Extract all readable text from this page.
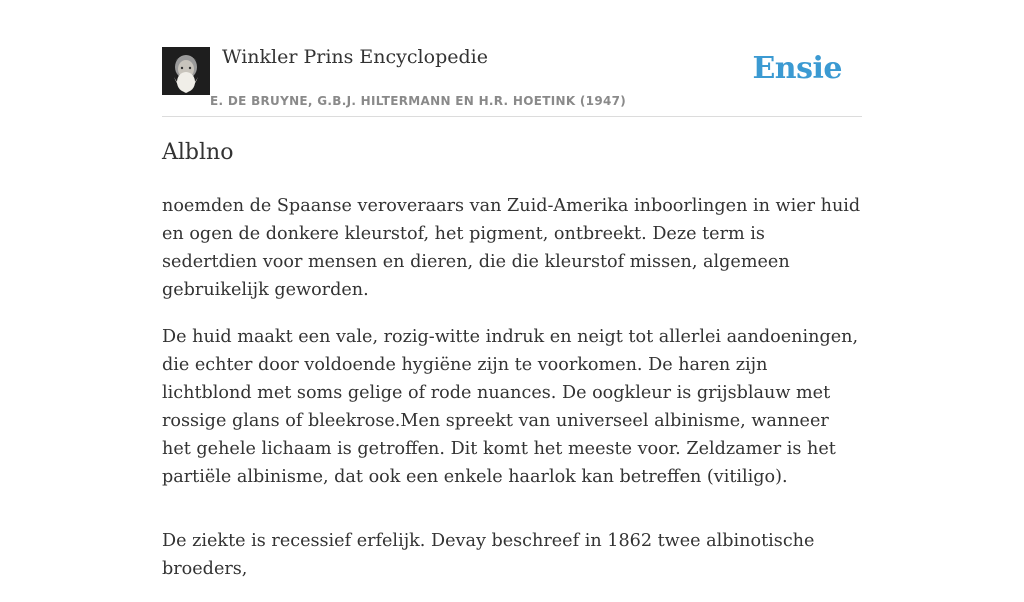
Winkler Prins Encyclopedie
E. DE BRUYNE, G.B.J. HILTERMANN EN H.R. HOETINK (1947)
Ensie
Alblno

noemden de Spaanse veroveraars van Zuid-Amerika inboorlingen in wier huid en ogen de donkere kleurstof, het pigment, ontbreekt. Deze term is sedertdien voor mensen en dieren, die die kleurstof missen, algemeen gebruikelijk geworden.

De huid maakt een vale, rozig-witte indruk en neigt tot allerlei aandoeningen, die echter door voldoende hygiëne zijn te voorkomen. De haren zijn lichtblond met soms gelige of rode nuances. De oogkleur is grijsblauw met rossige glans of bleekrose.Men spreekt van universeel albinisme, wanneer het gehele lichaam is getroffen. Dit komt het meeste voor. Zeldzamer is het partiële albinisme, dat ook een enkele haarlok kan betreffen (vitiligo).

De ziekte is recessief erfelijk. Devay beschreef in 1862 twee albinotische broeders,
